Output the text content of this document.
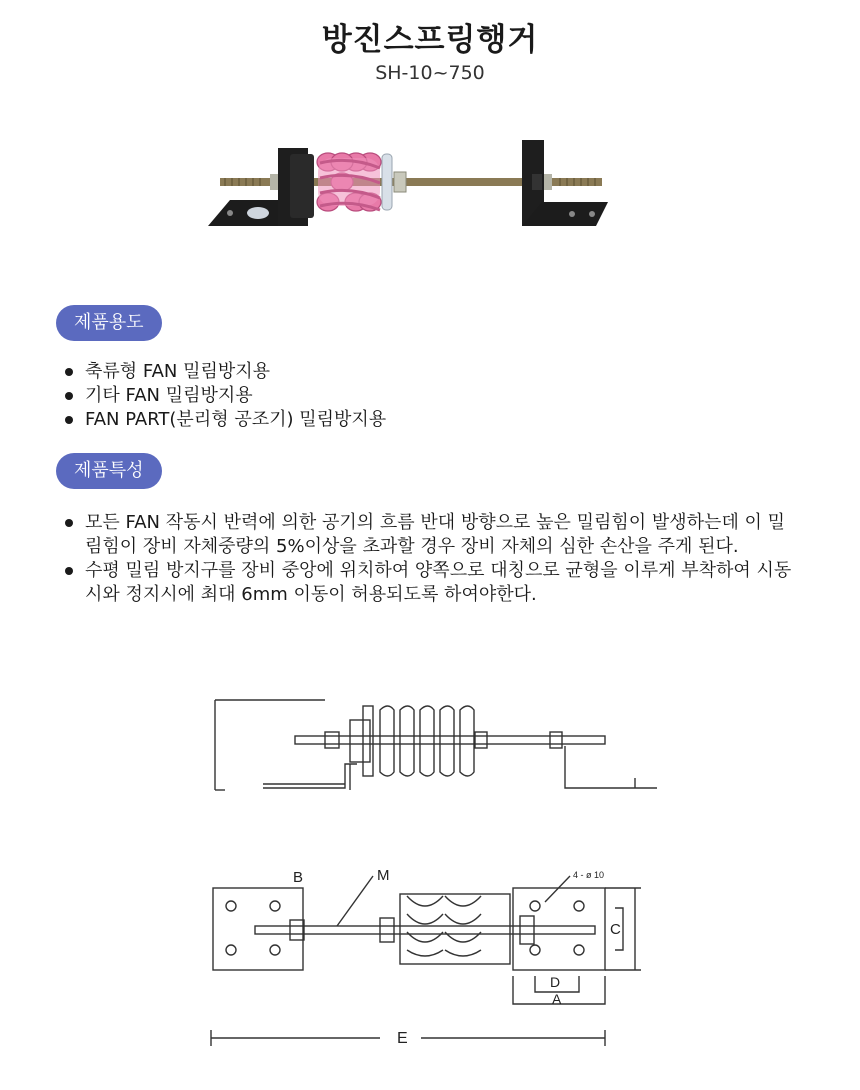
방진스프링행거
SH-10~750
제품용도
축류형 FAN 밀림방지용
기타 FAN 밀림방지용
FAN PART(분리형 공조기) 밀림방지용
제품특성
모든 FAN 작동시 반력에 의한 공기의 흐름 반대 방향으로 높은 밀림힘이 발생하는데 이 밀림힘이 장비 자체중량의 5%이상을 초과할 경우 장비 자체의 심한 손산을 주게 된다.
수평 밀림 방지구를 장비 중앙에 위치하여 양쪽으로 대칭으로 균형을 이루게 부착하여 시동시와 정지시에 최대 6mm 이동이 허용되도록 하여야한다.
B	M	4 - ø 10
C
D
A
E
